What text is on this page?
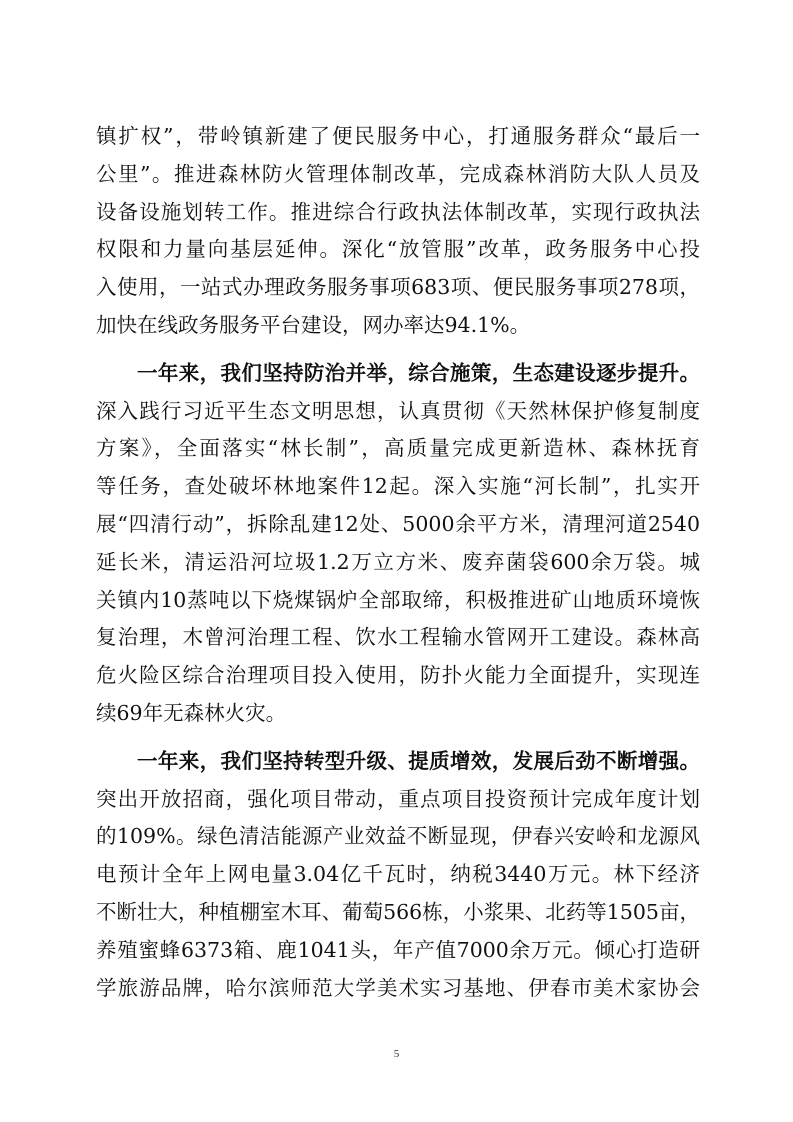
镇扩权”，带岭镇新建了便民服务中心，打通服务群众“最后一
公里”。推进森林防火管理体制改革，完成森林消防大队人员及
设备设施划转工作。推进综合行政执法体制改革，实现行政执法
权限和力量向基层延伸。深化“放管服”改革，政务服务中心投
入使用，一站式办理政务服务事项683项、便民服务事项278项，
加快在线政务服务平台建设，网办率达94.1%。
一年来，我们坚持防治并举，综合施策，生态建设逐步提升。
深入践行习近平生态文明思想，认真贯彻《天然林保护修复制度
方案》，全面落实“林长制”，高质量完成更新造林、森林抚育
等任务，查处破坏林地案件12起。深入实施“河长制”，扎实开
展“四清行动”，拆除乱建12处、5000余平方米，清理河道2540
延长米，清运沿河垃圾1.2万立方米、废弃菌袋600余万袋。城
关镇内10蒸吨以下烧煤锅炉全部取缔，积极推进矿山地质环境恢
复治理，木曾河治理工程、饮水工程输水管网开工建设。森林高
危火险区综合治理项目投入使用，防扑火能力全面提升，实现连
续69年无森林火灾。
一年来，我们坚持转型升级、提质增效，发展后劲不断增强。
突出开放招商，强化项目带动，重点项目投资预计完成年度计划
的109%。绿色清洁能源产业效益不断显现，伊春兴安岭和龙源风
电预计全年上网电量3.04亿千瓦时，纳税3440万元。林下经济
不断壮大，种植棚室木耳、葡萄566栋，小浆果、北药等1505亩，
养殖蜜蜂6373箱、鹿1041头，年产值7000余万元。倾心打造研
学旅游品牌，哈尔滨师范大学美术实习基地、伊春市美术家协会
5
